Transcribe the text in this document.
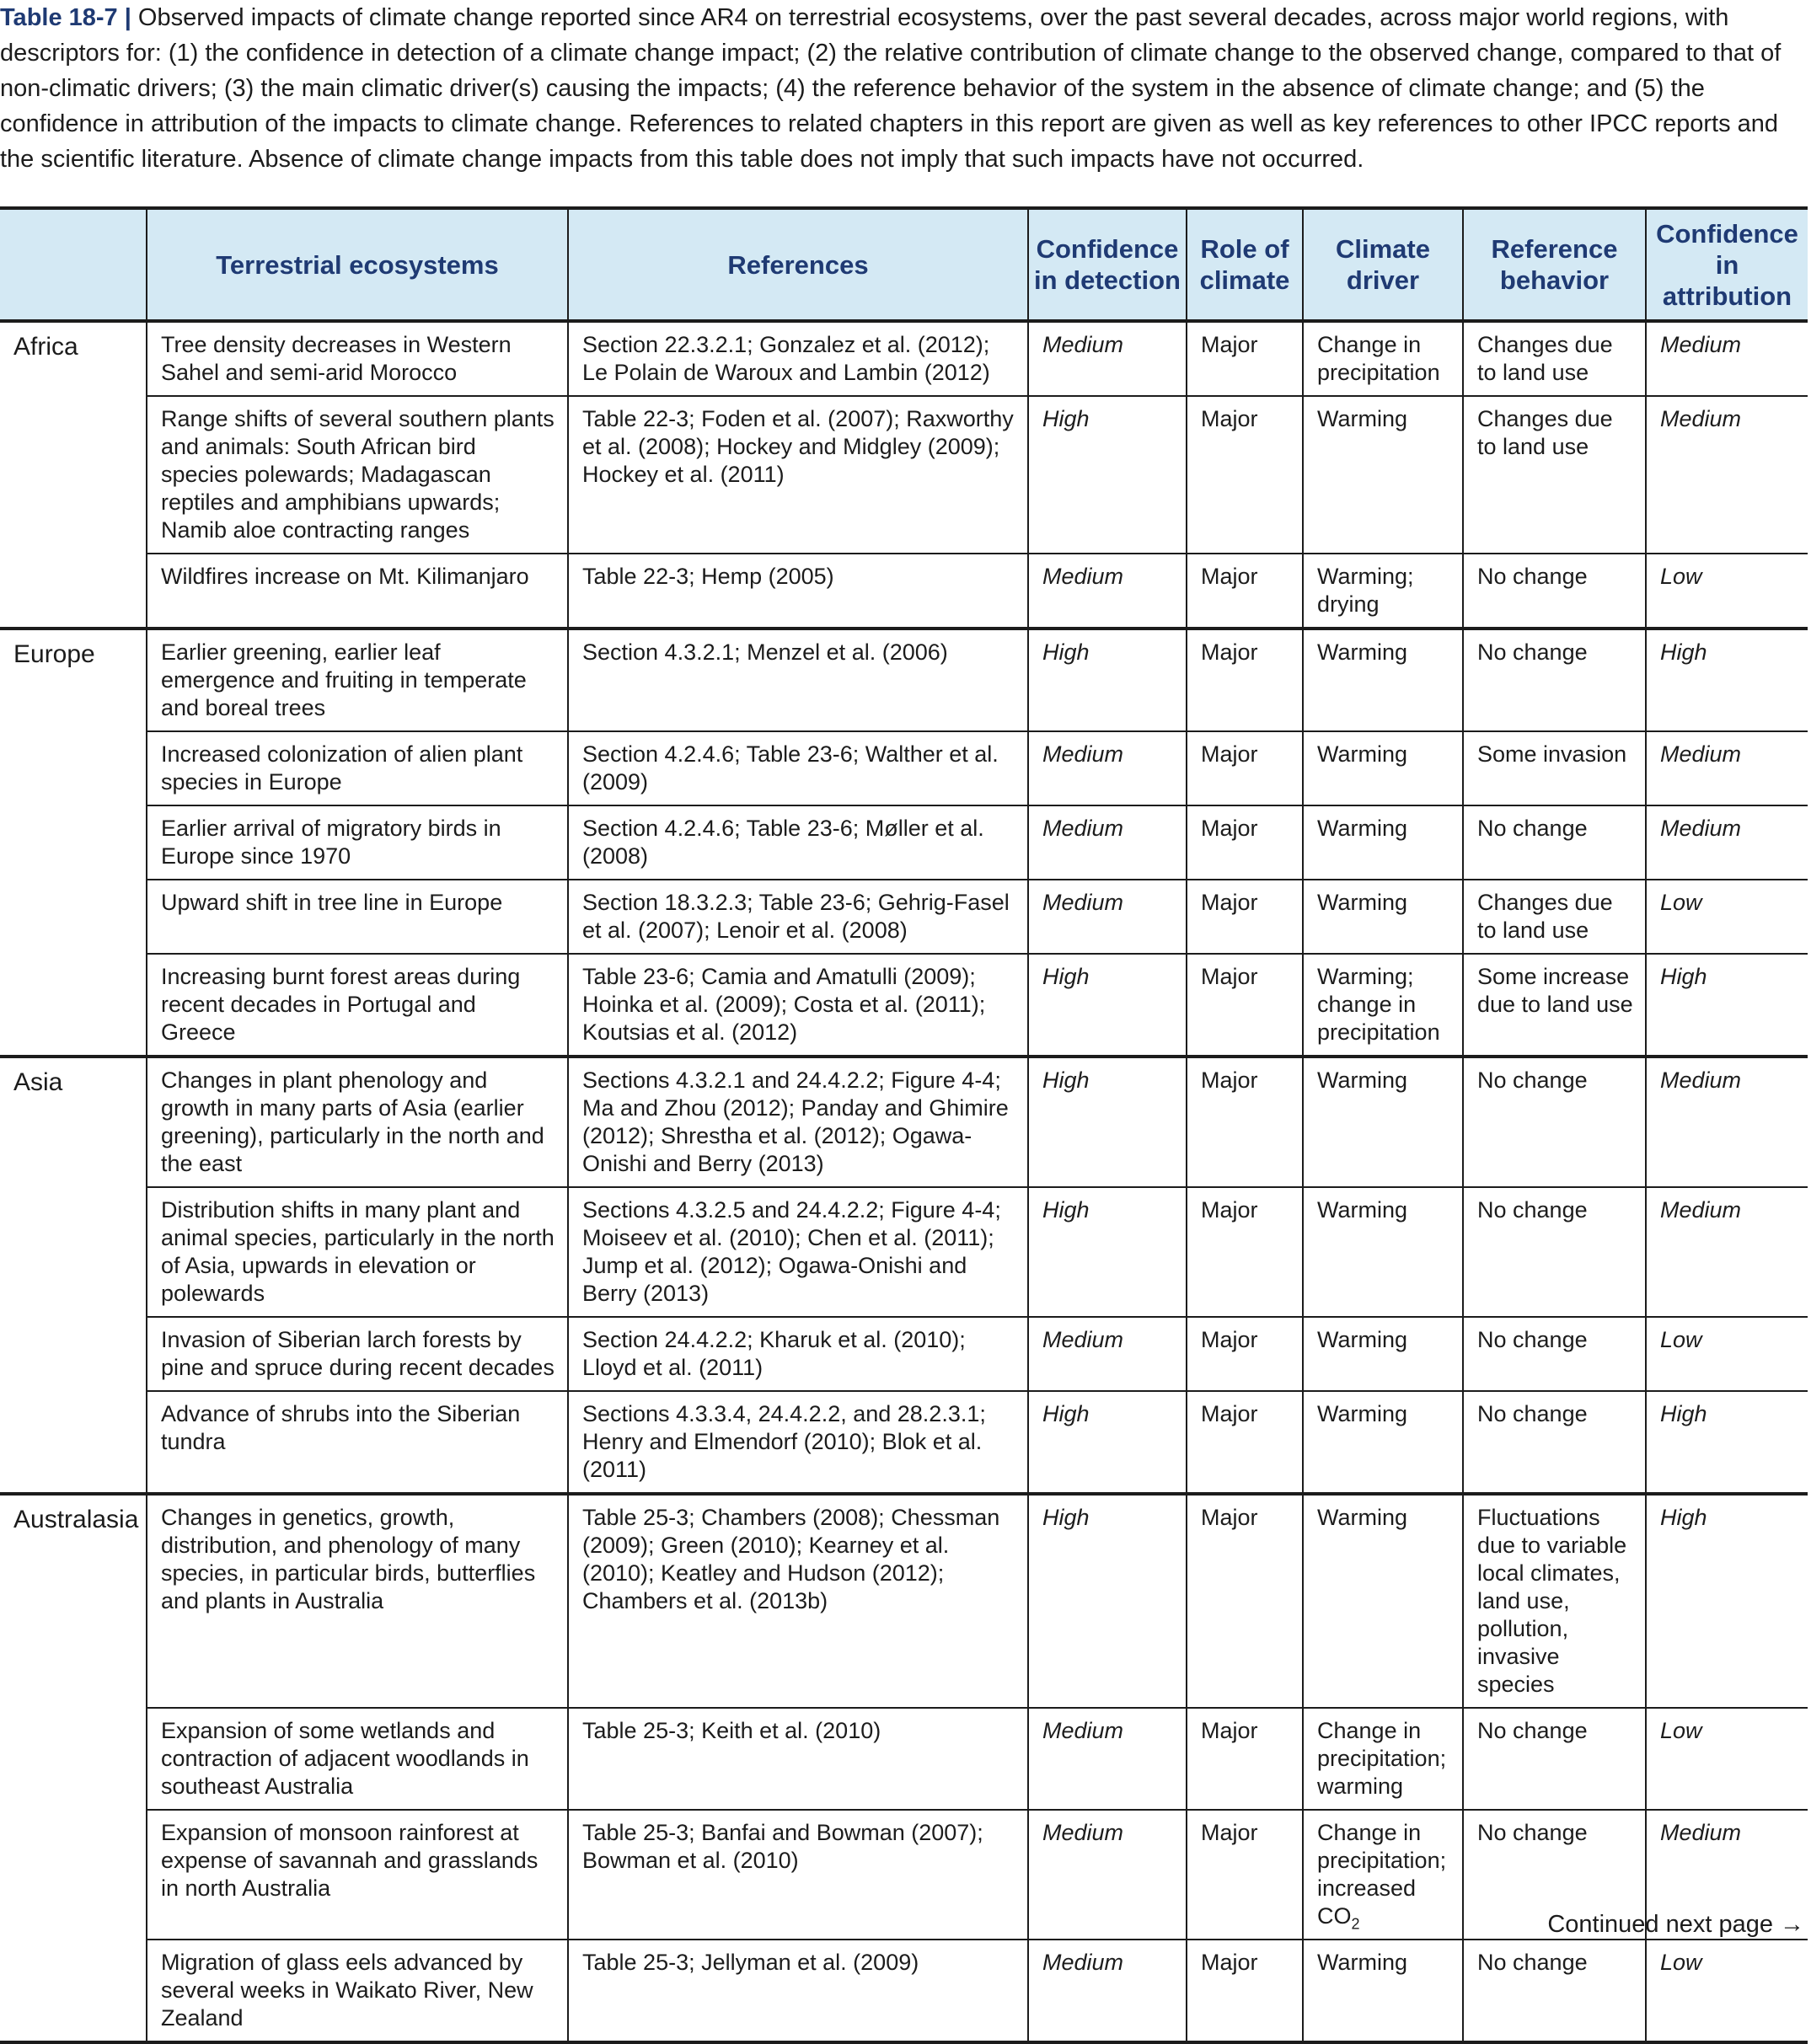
Table 18-7 | Observed impacts of climate change reported since AR4 on terrestrial ecosystems, over the past several decades, across major world regions, with descriptors for: (1) the confidence in detection of a climate change impact; (2) the relative contribution of climate change to the observed change, compared to that of non-climatic drivers; (3) the main climatic driver(s) causing the impacts; (4) the reference behavior of the system in the absence of climate change; and (5) the confidence in attribution of the impacts to climate change. References to related chapters in this report are given as well as key references to other IPCC reports and the scientific literature. Absence of climate change impacts from this table does not imply that such impacts have not occurred.
	Terrestrial ecosystems	References	Confidence in detection	Role of climate	Climate driver	Reference behavior	Confidence in attribution
Africa	Tree density decreases in Western Sahel and semi-arid Morocco	Section 22.3.2.1; Gonzalez et al. (2012); Le Polain de Waroux and Lambin (2012)	Medium	Major	Change in precipitation	Changes due to land use	Medium
	Range shifts of several southern plants and animals: South African bird species polewards; Madagascan reptiles and amphibians upwards; Namib aloe contracting ranges	Table 22-3; Foden et al. (2007); Raxworthy et al. (2008); Hockey and Midgley (2009); Hockey et al. (2011)	High	Major	Warming	Changes due to land use	Medium
	Wildfires increase on Mt. Kilimanjaro	Table 22-3; Hemp (2005)	Medium	Major	Warming; drying	No change	Low
Europe	Earlier greening, earlier leaf emergence and fruiting in temperate and boreal trees	Section 4.3.2.1; Menzel et al. (2006)	High	Major	Warming	No change	High
	Increased colonization of alien plant species in Europe	Section 4.2.4.6; Table 23-6; Walther et al. (2009)	Medium	Major	Warming	Some invasion	Medium
	Earlier arrival of migratory birds in Europe since 1970	Section 4.2.4.6; Table 23-6; Møller et al. (2008)	Medium	Major	Warming	No change	Medium
	Upward shift in tree line in Europe	Section 18.3.2.3; Table 23-6; Gehrig-Fasel et al. (2007); Lenoir et al. (2008)	Medium	Major	Warming	Changes due to land use	Low
	Increasing burnt forest areas during recent decades in Portugal and Greece	Table 23-6; Camia and Amatulli (2009); Hoinka et al. (2009); Costa et al. (2011); Koutsias et al. (2012)	High	Major	Warming; change in precipitation	Some increase due to land use	High
Asia	Changes in plant phenology and growth in many parts of Asia (earlier greening), particularly in the north and the east	Sections 4.3.2.1 and 24.4.2.2; Figure 4-4; Ma and Zhou (2012); Panday and Ghimire (2012); Shrestha et al. (2012); Ogawa-Onishi and Berry (2013)	High	Major	Warming	No change	Medium
	Distribution shifts in many plant and animal species, particularly in the north of Asia, upwards in elevation or polewards	Sections 4.3.2.5 and 24.4.2.2; Figure 4-4; Moiseev et al. (2010); Chen et al. (2011); Jump et al. (2012); Ogawa-Onishi and Berry (2013)	High	Major	Warming	No change	Medium
	Invasion of Siberian larch forests by pine and spruce during recent decades	Section 24.4.2.2; Kharuk et al. (2010); Lloyd et al. (2011)	Medium	Major	Warming	No change	Low
	Advance of shrubs into the Siberian tundra	Sections 4.3.3.4, 24.4.2.2, and 28.2.3.1; Henry and Elmendorf (2010); Blok et al. (2011)	High	Major	Warming	No change	High
Australasia	Changes in genetics, growth, distribution, and phenology of many species, in particular birds, butterflies and plants in Australia	Table 25-3; Chambers (2008); Chessman (2009); Green (2010); Kearney et al. (2010); Keatley and Hudson (2012); Chambers et al. (2013b)	High	Major	Warming	Fluctuations due to variable local climates, land use, pollution, invasive species	High
	Expansion of some wetlands and contraction of adjacent woodlands in southeast Australia	Table 25-3; Keith et al. (2010)	Medium	Major	Change in precipitation; warming	No change	Low
	Expansion of monsoon rainforest at expense of savannah and grasslands in north Australia	Table 25-3; Banfai and Bowman (2007); Bowman et al. (2010)	Medium	Major	Change in precipitation; increased $CO_2$	No change	Medium
	Migration of glass eels advanced by several weeks in Waikato River, New Zealand	Table 25-3; Jellyman et al. (2009)	Medium	Major	Warming	No change	Low
Continued next page →
